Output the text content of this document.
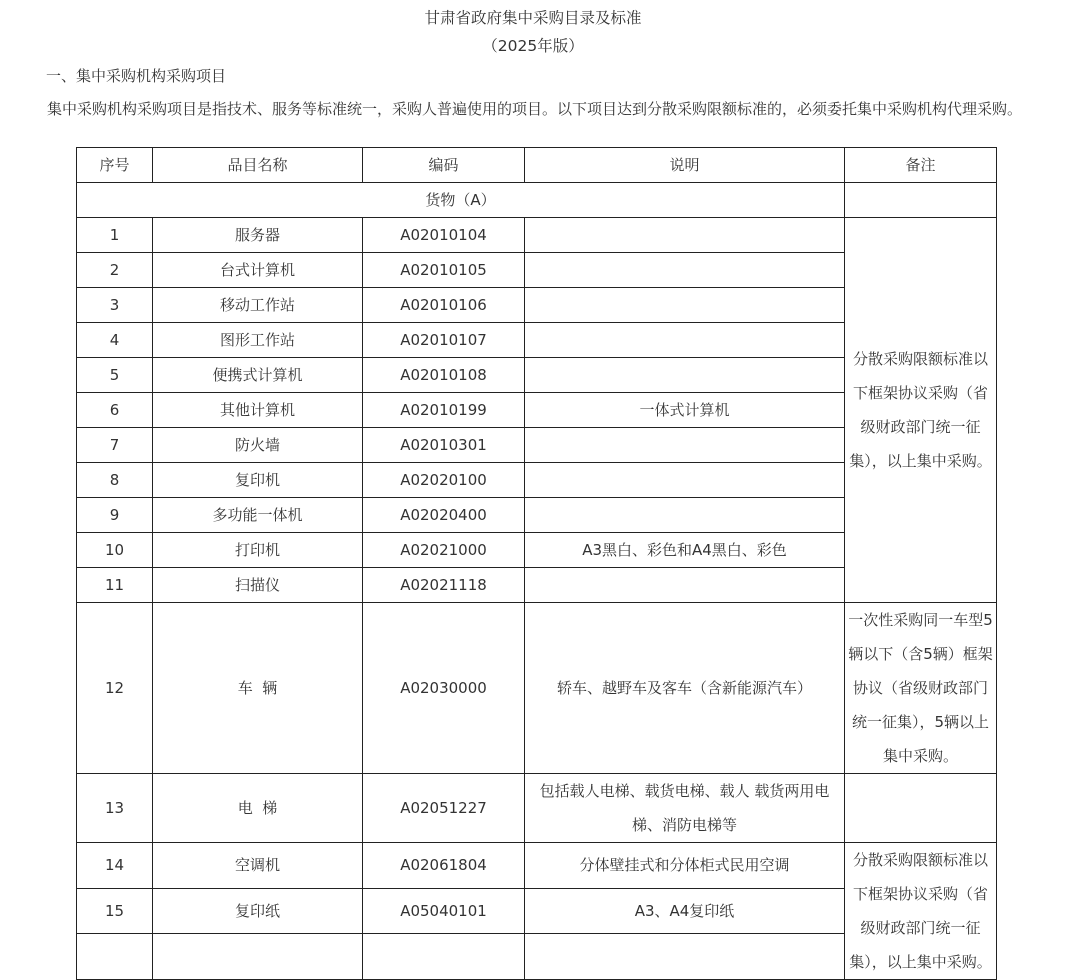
甘肃省政府集中采购目录及标准
（2025年版）
一、集中采购机构采购项目

集中采购机构采购项目是指技术、服务等标准统一，采购人普遍使用的项目。以下项目达到分散采购限额标准的，必须委托集中采购机构代理采购。

序号	品目名称	编码	说明	备注
货物（A）				
1	服务器	A02010104		分散采购限额标准以下框架协议采购（省级财政部门统一征集），以上集中采购。
2	台式计算机	A02010105		
3	移动工作站	A02010106		
4	图形工作站	A02010107		
5	便携式计算机	A02010108		
6	其他计算机	A02010199	一体式计算机	
7	防火墙	A02010301		
8	复印机	A02020100		
9	多功能一体机	A02020400		
10	打印机	A02021000	A3黑白、彩色和A4黑白、彩色	
11	扫描仪	A02021118		
12	车  辆	A02030000	轿车、越野车及客车（含新能源汽车）	一次性采购同一车型5辆以下（含5辆）框架协议（省级财政部门统一征集），5辆以上集中采购。
13	电  梯	A02051227	包括载人电梯、载货电梯、载人 载货两用电梯、消防电梯等	
14	空调机	A02061804	分体壁挂式和分体柜式民用空调	分散采购限额标准以下框架协议采购（省级财政部门统一征集），以上集中采购。
15	复印纸	A05040101	A3、A4复印纸	
